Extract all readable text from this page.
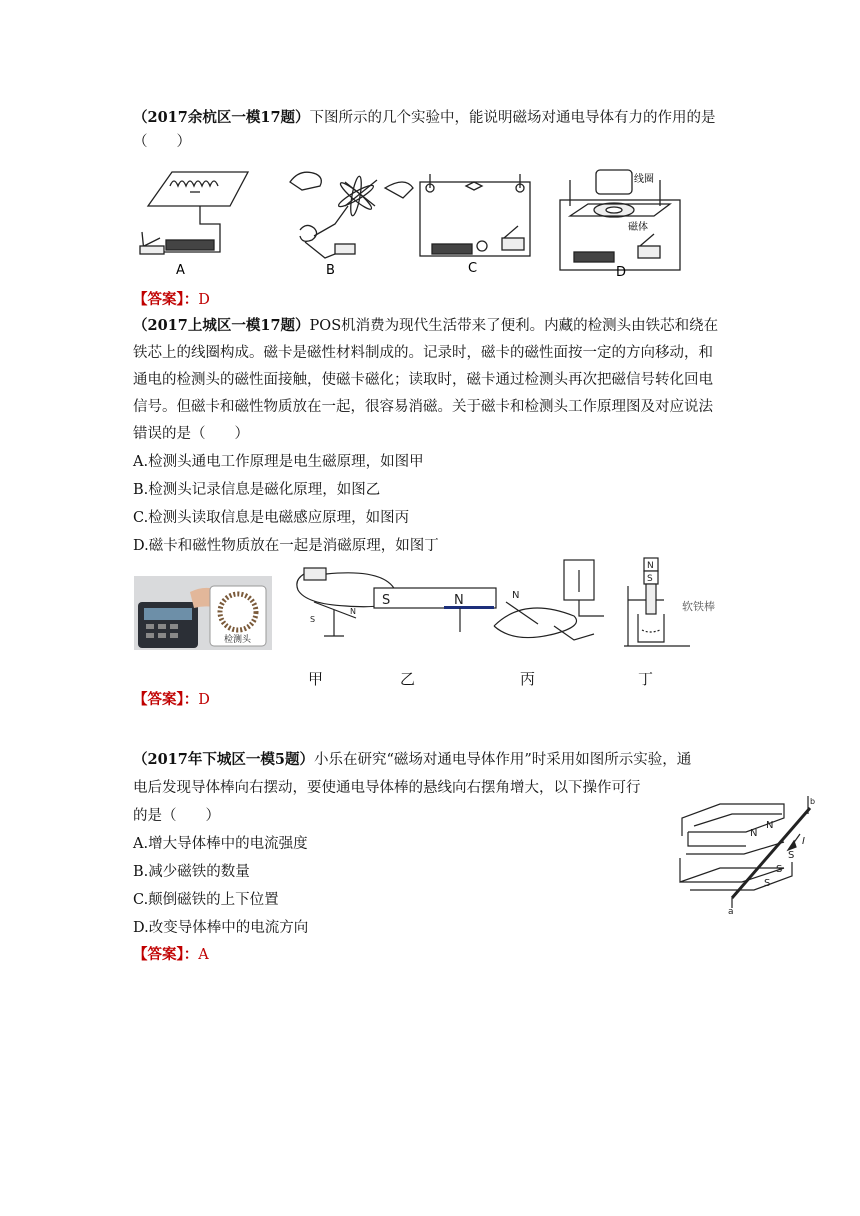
（2017余杭区一模17题）下图所示的几个实验中，能说明磁场对通电导体有力的作用的是
（　　）
A	B	C
线圈
磁体
D
【答案】：D
（2017上城区一模17题）POS机消费为现代生活带来了便利。内藏的检测头由铁芯和绕在
铁芯上的线圈构成。磁卡是磁性材料制成的。记录时，磁卡的磁性面按一定的方向移动，和
通电的检测头的磁性面接触，使磁卡磁化；读取时，磁卡通过检测头再次把磁信号转化回电
信号。但磁卡和磁性物质放在一起，很容易消磁。关于磁卡和检测头工作原理图及对应说法
错误的是（　　）
A.检测头通电工作原理是电生磁原理，如图甲
B.检测头记录信息是磁化原理，如图乙
C.检测头读取信息是电磁感应原理，如图丙
D.磁卡和磁性物质放在一起是消磁原理，如图丁
检测头
S
N
S	N	N
N
S
软铁棒
甲	乙	丙	丁
【答案】：D
（2017年下城区一模5题）小乐在研究“磁场对通电导体作用”时采用如图所示实验，通
电后发现导体棒向右摆动，要使通电导体棒的悬线向右摆角增大，以下操作可行
的是（　　）
A.增大导体棒中的电流强度
B.减少磁铁的数量
C.颠倒磁铁的上下位置
D.改变导体棒中的电流方向
【答案】：A
b
I
N
N
S
S
S
a
